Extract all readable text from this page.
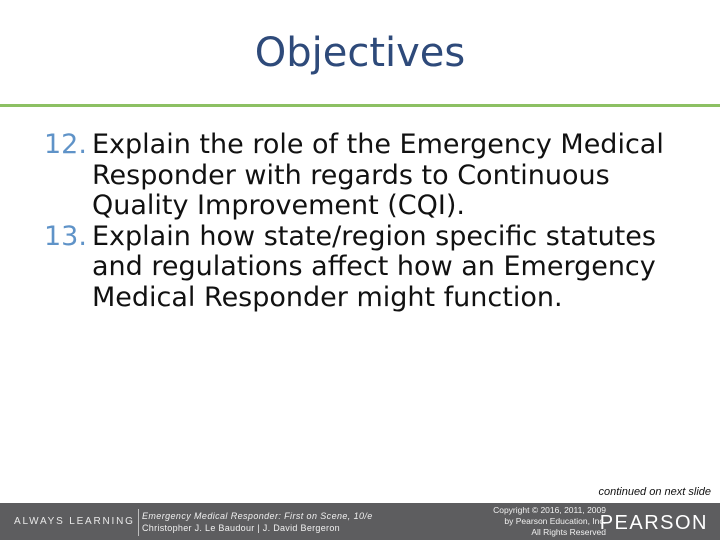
Objectives
12. Explain the role of the Emergency Medical Responder with regards to Continuous Quality Improvement (CQI).
13. Explain how state/region specific statutes and regulations affect how an Emergency Medical Responder might function.
continued on next slide
ALWAYS LEARNING Emergency Medical Responder: First on Scene, 10/e
Christopher J. Le Baudour | J. David Bergeron
Copyright © 2016, 2011, 2009
by Pearson Education, Inc.
All Rights Reserved
PEARSON
